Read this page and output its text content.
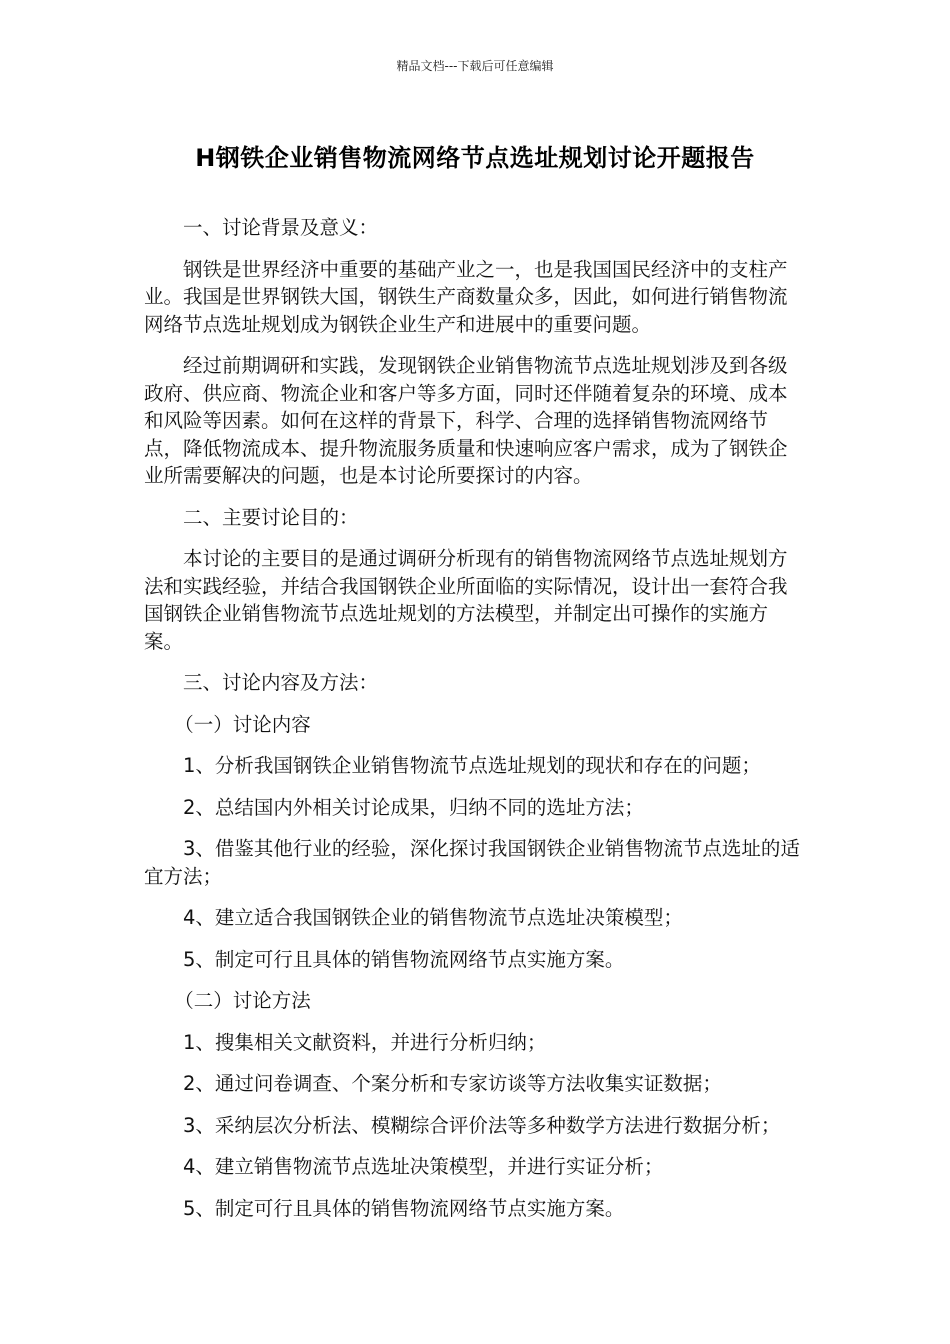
精品文档---下载后可任意编辑
H钢铁企业销售物流网络节点选址规划讨论开题报告

一、讨论背景及意义：

钢铁是世界经济中重要的基础产业之一，也是我国国民经济中的支柱产业。我国是世界钢铁大国，钢铁生产商数量众多，因此，如何进行销售物流网络节点选址规划成为钢铁企业生产和进展中的重要问题。

经过前期调研和实践，发现钢铁企业销售物流节点选址规划涉及到各级政府、供应商、物流企业和客户等多方面，同时还伴随着复杂的环境、成本和风险等因素。如何在这样的背景下，科学、合理的选择销售物流网络节点，降低物流成本、提升物流服务质量和快速响应客户需求，成为了钢铁企业所需要解决的问题，也是本讨论所要探讨的内容。

二、主要讨论目的：

本讨论的主要目的是通过调研分析现有的销售物流网络节点选址规划方法和实践经验，并结合我国钢铁企业所面临的实际情况，设计出一套符合我国钢铁企业销售物流节点选址规划的方法模型，并制定出可操作的实施方案。

三、讨论内容及方法：

（一）讨论内容

1、分析我国钢铁企业销售物流节点选址规划的现状和存在的问题；

2、总结国内外相关讨论成果，归纳不同的选址方法；

3、借鉴其他行业的经验，深化探讨我国钢铁企业销售物流节点选址的适宜方法；

4、建立适合我国钢铁企业的销售物流节点选址决策模型；

5、制定可行且具体的销售物流网络节点实施方案。

（二）讨论方法

1、搜集相关文献资料，并进行分析归纳；

2、通过问卷调查、个案分析和专家访谈等方法收集实证数据；

3、采纳层次分析法、模糊综合评价法等多种数学方法进行数据分析；

4、建立销售物流节点选址决策模型，并进行实证分析；

5、制定可行且具体的销售物流网络节点实施方案。
